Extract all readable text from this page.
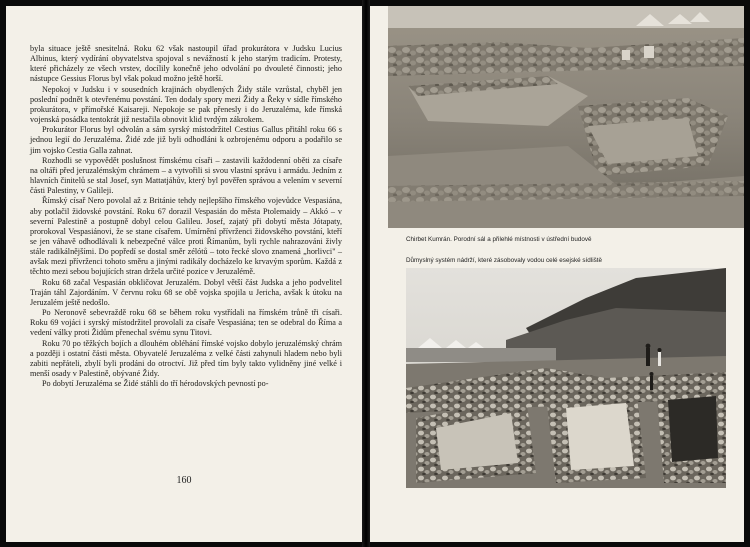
byla situace ještě snesitelná. Roku 62 však nastoupil úřad prokurátora v Judsku Lucius Albinus, který vydírání obyvatelstva spojoval s nevážností k jeho starým tradicím. Protesty, které přicházely ze všech vrstev, docílily konečně jeho odvolání po dvouleté činnosti; jeho nástupce Gessius Florus byl však pokud možno ještě horší.

Nepokoj v Judsku i v sousedních krajinách obydlených Židy stále vzrůstal, chyběl jen poslední podnět k otevřenému povstání. Ten dodaly spory mezi Židy a Řeky v sídle římského prokurátora, v přímořské Kaisareji. Nepokoje se pak přenesly i do Jeruzaléma, kde římská vojenská posádka tentokrát již nestačila obnovit klid tvrdým zákrokem.

Prokurátor Florus byl odvolán a sám syrský místodržitel Cestius Gallus přitáhl roku 66 s jednou legií do Jeruzaléma. Židé zde již byli odhodláni k ozbrojenému odporu a podařilo se jim vojsko Cestia Galla zahnat.

Rozhodli se vypovědět poslušnost římskému císaři – zastavili každodenní oběti za císaře na oltáři před jeruzalémským chrámem – a vytvořili si svou vlastní správu i armádu. Jedním z hlavních činitelů se stal Josef, syn Mattatjáhův, který byl pověřen správou a velením v severní části Palestiny, v Galileji.

Římský císař Nero povolal až z Británie tehdy nejlepšího římského vojevůdce Vespasiána, aby potlačil židovské povstání. Roku 67 dorazil Vespasián do města Ptolemaidy – Akkó – v severní Palestině a postupně dobyl celou Galileu. Josef, zajatý při dobytí města Jótapaty, prorokoval Vespasiánovi, že se stane císařem. Umírnění přívrženci židovského povstání, kteří se jen váhavě odhodlávali k nebezpečné válce proti Římanům, byli rychle nahrazováni živly stále radikálnějšími. Do popředí se dostal směr zélótů – toto řecké slovo znamená „horlivci" – avšak mezi přívrženci tohoto směru a jinými radikály docházelo ke krvavým sporům. Každá z těchto mezi sebou bojujících stran držela určité pozice v Jeruzalémě.

Roku 68 začal Vespasián obkličovat Jeruzalém. Dobyl větší část Judska a jeho podvelitel Traján táhl Zajordáním. V červnu roku 68 se obě vojska spojila u Jericha, avšak k útoku na Jeruzalém ještě nedošlo.

Po Neronově sebevraždě roku 68 se během roku vystřídali na římském trůně tři císaři. Roku 69 vojáci i syrský místodržitel provolali za císaře Vespasiána; ten se odebral do Říma a vedení války proti Židům přenechal svému synu Titovi.

Roku 70 po těžkých bojích a dlouhém obléhání římské vojsko dobylo jeruzalémský chrám a později i ostatní části města. Obyvatelé Jeruzaléma z velké části zahynuli hladem nebo byli zabiti nepřáteli, zbylí byli prodáni do otroctví. Již před tím byly takto vylidněny jiné velké i menší osady v Palestině, obývané Židy.

Po dobytí Jeruzaléma se Židé stáhli do tří hérodovských pevností po-

160
Chirbet Kumrán. Porodní sál a přilehlé místnosti v ústřední budově
Důmyslný systém nádrží, které zásobovaly vodou celé esejské sídliště
